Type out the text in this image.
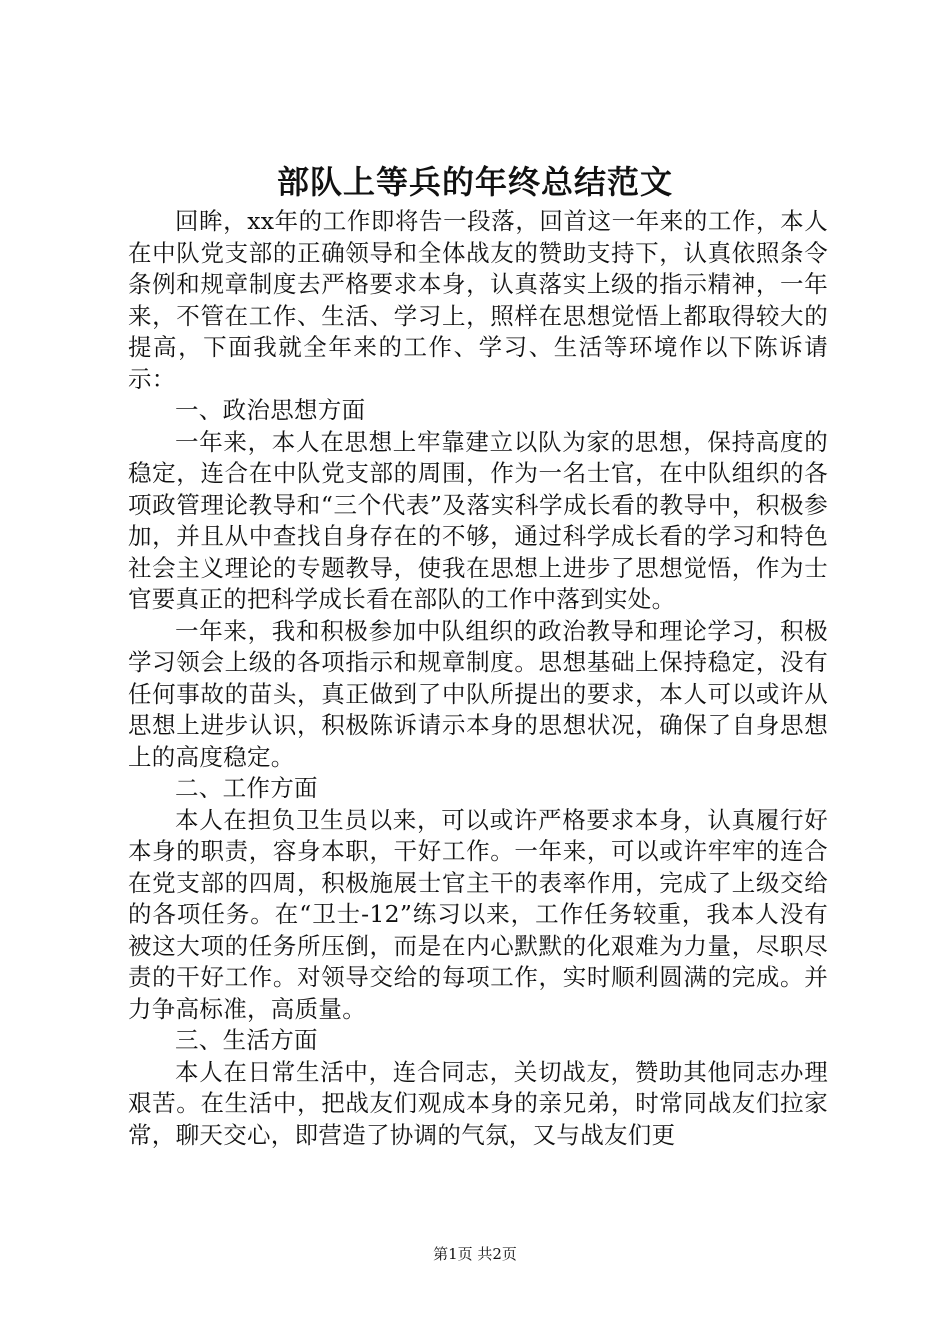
部队上等兵的年终总结范文

回眸，xx年的工作即将告一段落，回首这一年来的工作，本人在中队党支部的正确领导和全体战友的赞助支持下，认真依照条令条例和规章制度去严格要求本身，认真落实上级的指示精神，一年来，不管在工作、生活、学习上，照样在思想觉悟上都取得较大的提高，下面我就全年来的工作、学习、生活等环境作以下陈诉请示：

一、政治思想方面

一年来，本人在思想上牢靠建立以队为家的思想，保持高度的稳定，连合在中队党支部的周围，作为一名士官，在中队组织的各项政管理论教导和“三个代表”及落实科学成长看的教导中，积极参加，并且从中查找自身存在的不够，通过科学成长看的学习和特色社会主义理论的专题教导，使我在思想上进步了思想觉悟，作为士官要真正的把科学成长看在部队的工作中落到实处。

一年来，我和积极参加中队组织的政治教导和理论学习，积极学习领会上级的各项指示和规章制度。思想基础上保持稳定，没有任何事故的苗头，真正做到了中队所提出的要求，本人可以或许从思想上进步认识，积极陈诉请示本身的思想状况，确保了自身思想上的高度稳定。

二、工作方面

本人在担负卫生员以来，可以或许严格要求本身，认真履行好本身的职责，容身本职，干好工作。一年来，可以或许牢牢的连合在党支部的四周，积极施展士官主干的表率作用，完成了上级交给的各项任务。在“卫士-12”练习以来，工作任务较重，我本人没有被这大项的任务所压倒，而是在内心默默的化艰难为力量，尽职尽责的干好工作。对领导交给的每项工作，实时顺利圆满的完成。并力争高标准，高质量。

三、生活方面

本人在日常生活中，连合同志，关切战友，赞助其他同志办理艰苦。在生活中，把战友们观成本身的亲兄弟，时常同战友们拉家常，聊天交心，即营造了协调的气氛，又与战友们更

第1页 共2页
